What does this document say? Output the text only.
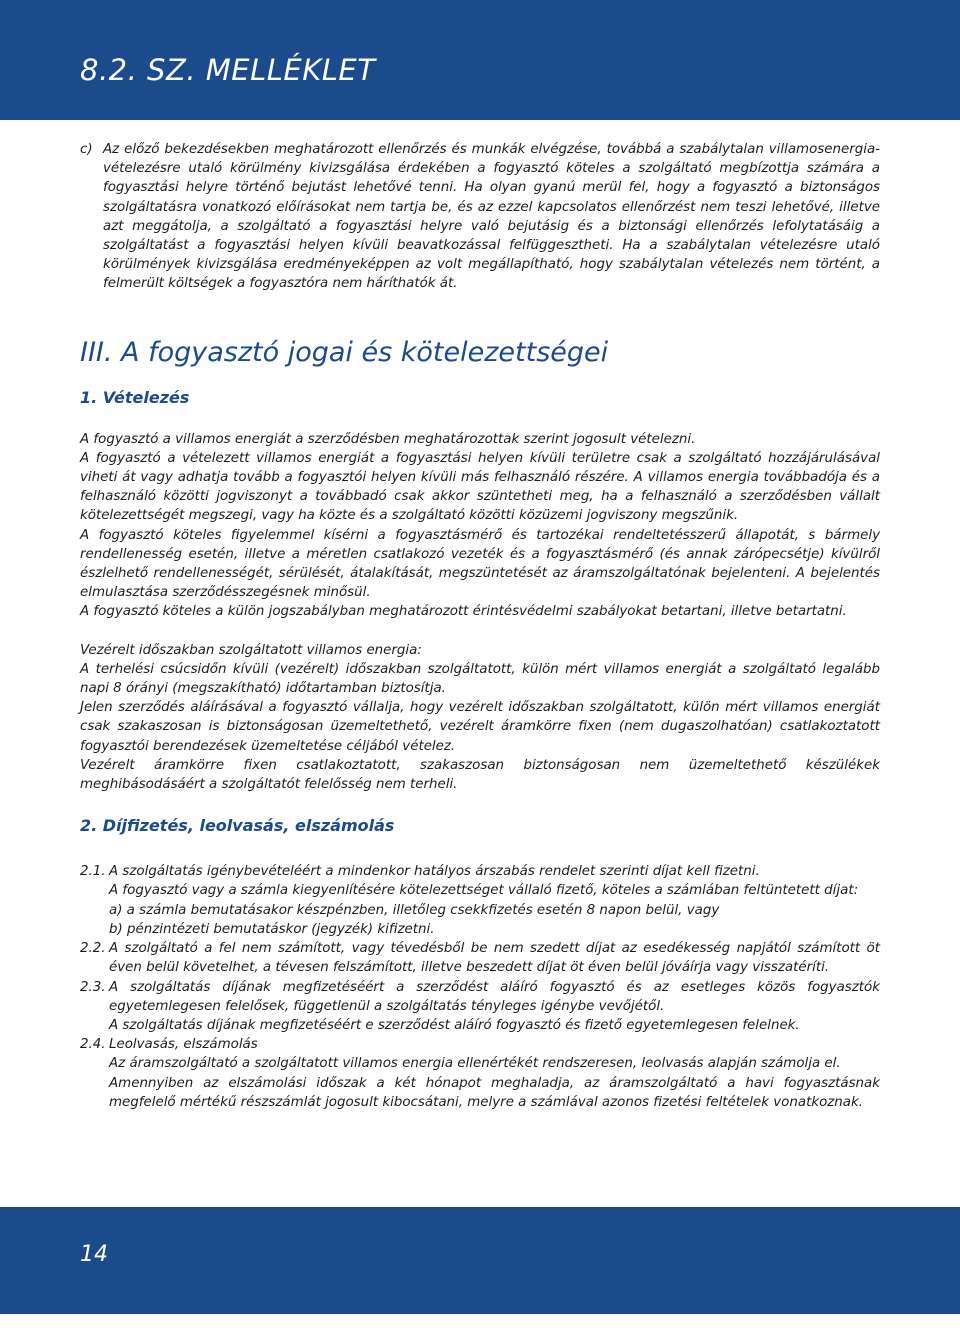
8.2. SZ. MELLÉKLET
c) Az előző bekezdésekben meghatározott ellenőrzés és munkák elvégzése, továbbá a szabálytalan villamosenergia-vételezésre utaló körülmény kivizsgálása érdekében a fogyasztó köteles a szolgáltató megbízottja számára a fogyasztási helyre történő bejutást lehetővé tenni. Ha olyan gyanú merül fel, hogy a fogyasztó a biztonságos szolgáltatásra vonatkozó előírásokat nem tartja be, és az ezzel kapcsolatos ellenőrzést nem teszi lehetővé, illetve azt meggátolja, a szolgáltató a fogyasztási helyre való bejutásig és a biztonsági ellenőrzés lefolytatásáig a szolgáltatást a fogyasztási helyen kívüli beavatkozással felfüggesztheti. Ha a szabálytalan vételezésre utaló körülmények kivizsgálása eredményeképpen az volt megállapítható, hogy szabálytalan vételezés nem történt, a felmerült költségek a fogyasztóra nem háríthatók át.

III. A fogyasztó jogai és kötelezettségei
1. Vételezés

A fogyasztó a villamos energiát a szerződésben meghatározottak szerint jogosult vételezni.

A fogyasztó a vételezett villamos energiát a fogyasztási helyen kívüli területre csak a szolgáltató hozzájárulásával viheti át vagy adhatja tovább a fogyasztói helyen kívüli más felhasználó részére. A villamos energia továbbadója és a felhasználó közötti jogviszonyt a továbbadó csak akkor szüntetheti meg, ha a felhasználó a szerződésben vállalt kötelezettségét megszegi, vagy ha közte és a szolgáltató közötti közüzemi jogviszony megszűnik.

A fogyasztó köteles figyelemmel kísérni a fogyasztásmérő és tartozékai rendeltetésszerű állapotát, s bármely rendellenesség esetén, illetve a méretlen csatlakozó vezeték és a fogyasztásmérő (és annak zárópecsétje) kívülről észlelhető rendellenességét, sérülését, átalakítását, megszüntetését az áramszolgáltatónak bejelenteni. A bejelentés elmulasztása szerződésszegésnek minősül.

A fogyasztó köteles a külön jogszabályban meghatározott érintésvédelmi szabályokat betartani, illetve betartatni.

Vezérelt időszakban szolgáltatott villamos energia:

A terhelési csúcsidőn kívüli (vezérelt) időszakban szolgáltatott, külön mért villamos energiát a szolgáltató legalább napi 8 órányi (megszakítható) időtartamban biztosítja.

Jelen szerződés aláírásával a fogyasztó vállalja, hogy vezérelt időszakban szolgáltatott, külön mért villamos energiát csak szakaszosan is biztonságosan üzemeltethető, vezérelt áramkörre fixen (nem dugaszolhatóan) csatlakoztatott fogyasztói berendezések üzemeltetése céljából vételez.

Vezérelt áramkörre fixen csatlakoztatott, szakaszosan biztonságosan nem üzemeltethető készülékek meghibásodásáért a szolgáltatót felelősség nem terheli.

2. Díjfizetés, leolvasás, elszámolás
2.1. A szolgáltatás igénybevételéért a mindenkor hatályos árszabás rendelet szerinti díjat kell fizetni.

A fogyasztó vagy a számla kiegyenlítésére kötelezettséget vállaló fizető, köteles a számlában feltüntetett díjat:

a) a számla bemutatásakor készpénzben, illetőleg csekkfizetés esetén 8 napon belül, vagy

b) pénzintézeti bemutatáskor (jegyzék) kifizetni.

2.2. A szolgáltató a fel nem számított, vagy tévedésből be nem szedett díjat az esedékesség napjától számított öt éven belül követelhet, a tévesen felszámított, illetve beszedett díjat öt éven belül jóváírja vagy visszatéríti.

2.3. A szolgáltatás díjának megfizetéséért a szerződést aláíró fogyasztó és az esetleges közös fogyasztók egyetemlegesen felelősek, függetlenül a szolgáltatás tényleges igénybe vevőjétől.

A szolgáltatás díjának megfizetéséért e szerződést aláíró fogyasztó és fizető egyetemlegesen felelnek.

2.4. Leolvasás, elszámolás

Az áramszolgáltató a szolgáltatott villamos energia ellenértékét rendszeresen, leolvasás alapján számolja el.

Amennyiben az elszámolási időszak a két hónapot meghaladja, az áramszolgáltató a havi fogyasztásnak megfelelő mértékű részszámlát jogosult kibocsátani, melyre a számlával azonos fizetési feltételek vonatkoznak.

14
